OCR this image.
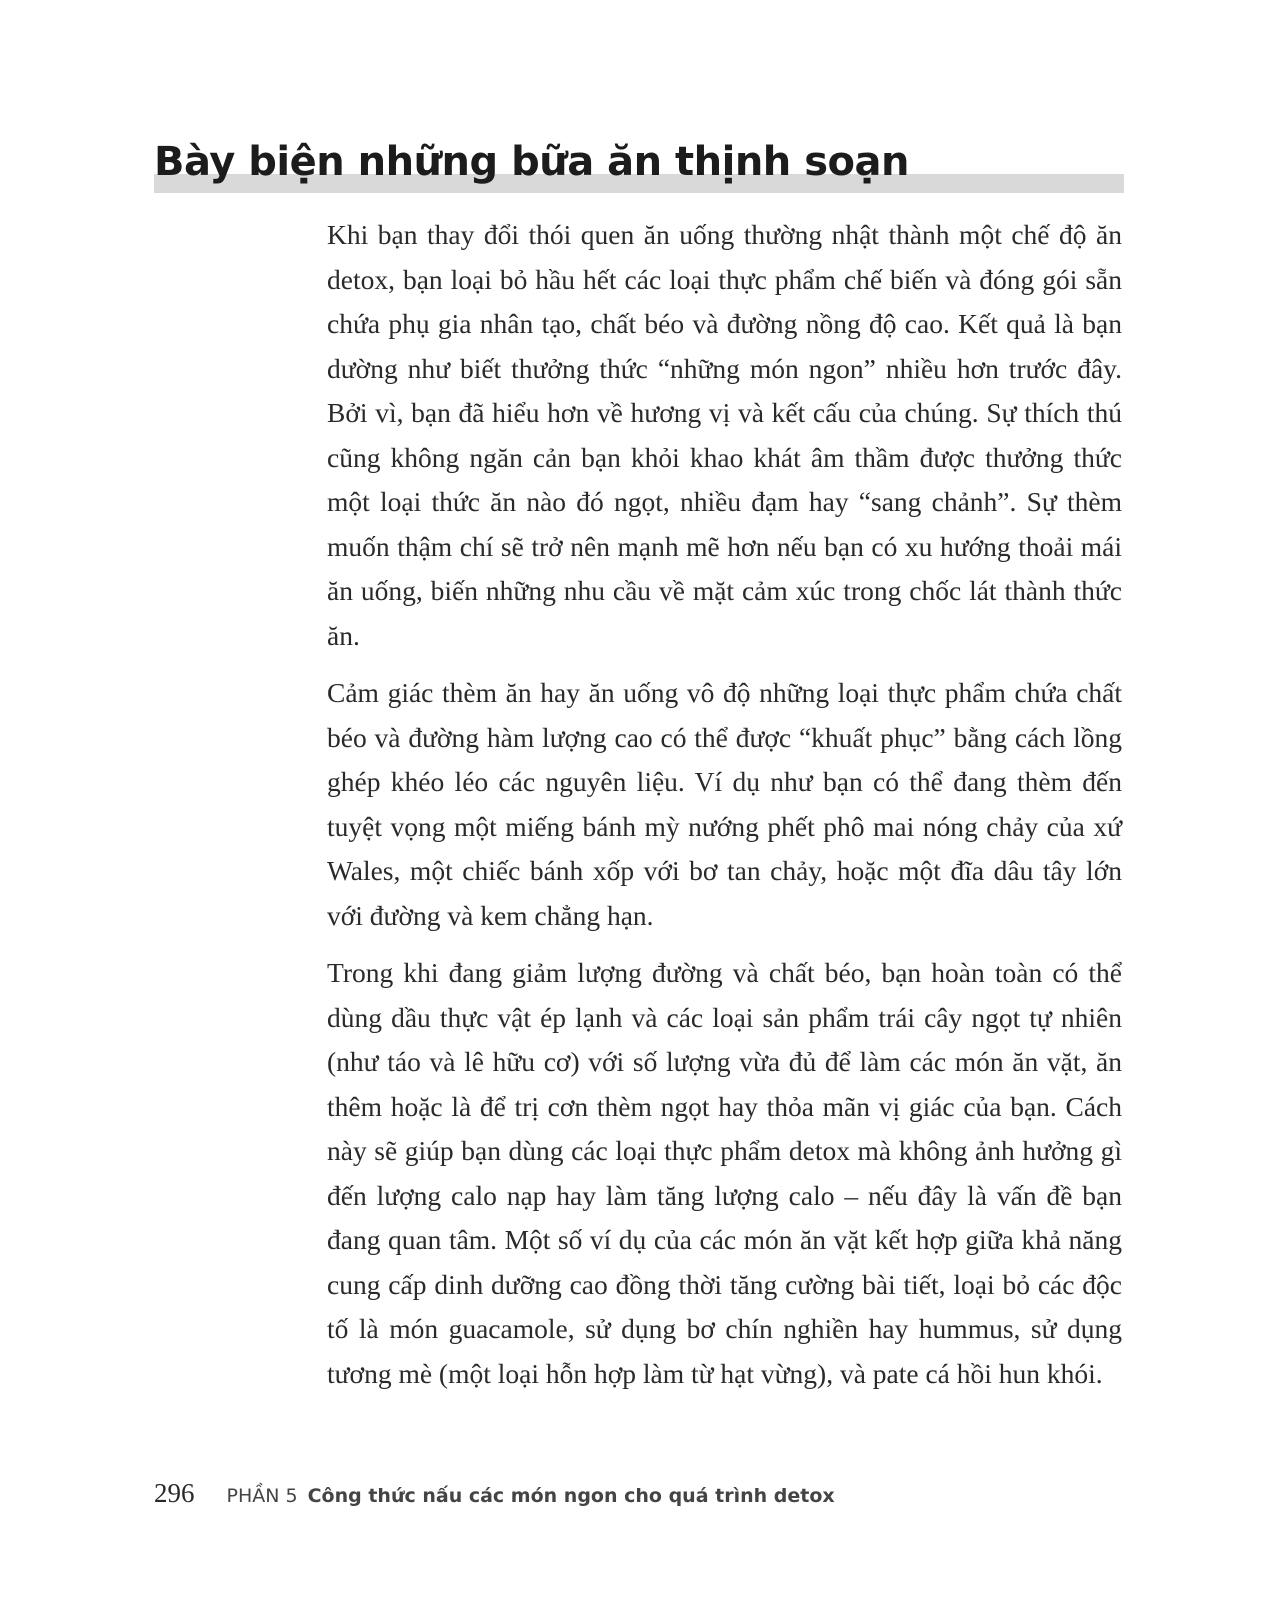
Bày biện những bữa ăn thịnh soạn

Khi bạn thay đổi thói quen ăn uống thường nhật thành một chế độ ăn detox, bạn loại bỏ hầu hết các loại thực phẩm chế biến và đóng gói sẵn chứa phụ gia nhân tạo, chất béo và đường nồng độ cao. Kết quả là bạn dường như biết thưởng thức “những món ngon” nhiều hơn trước đây. Bởi vì, bạn đã hiểu hơn về hương vị và kết cấu của chúng. Sự thích thú cũng không ngăn cản bạn khỏi khao khát âm thầm được thưởng thức một loại thức ăn nào đó ngọt, nhiều đạm hay “sang chảnh”. Sự thèm muốn thậm chí sẽ trở nên mạnh mẽ hơn nếu bạn có xu hướng thoải mái ăn uống, biến những nhu cầu về mặt cảm xúc trong chốc lát thành thức ăn.

Cảm giác thèm ăn hay ăn uống vô độ những loại thực phẩm chứa chất béo và đường hàm lượng cao có thể được “khuất phục” bằng cách lồng ghép khéo léo các nguyên liệu. Ví dụ như bạn có thể đang thèm đến tuyệt vọng một miếng bánh mỳ nướng phết phô mai nóng chảy của xứ Wales, một chiếc bánh xốp với bơ tan chảy, hoặc một đĩa dâu tây lớn với đường và kem chẳng hạn.

Trong khi đang giảm lượng đường và chất béo, bạn hoàn toàn có thể dùng dầu thực vật ép lạnh và các loại sản phẩm trái cây ngọt tự nhiên (như táo và lê hữu cơ) với số lượng vừa đủ để làm các món ăn vặt, ăn thêm hoặc là để trị cơn thèm ngọt hay thỏa mãn vị giác của bạn. Cách này sẽ giúp bạn dùng các loại thực phẩm detox mà không ảnh hưởng gì đến lượng calo nạp hay làm tăng lượng calo – nếu đây là vấn đề bạn đang quan tâm. Một số ví dụ của các món ăn vặt kết hợp giữa khả năng cung cấp dinh dưỡng cao đồng thời tăng cường bài tiết, loại bỏ các độc tố là món guacamole, sử dụng bơ chín nghiền hay hummus, sử dụng tương mè (một loại hỗn hợp làm từ hạt vừng), và pate cá hồi hun khói.

296 PHẦN 5 Công thức nấu các món ngon cho quá trình detox
